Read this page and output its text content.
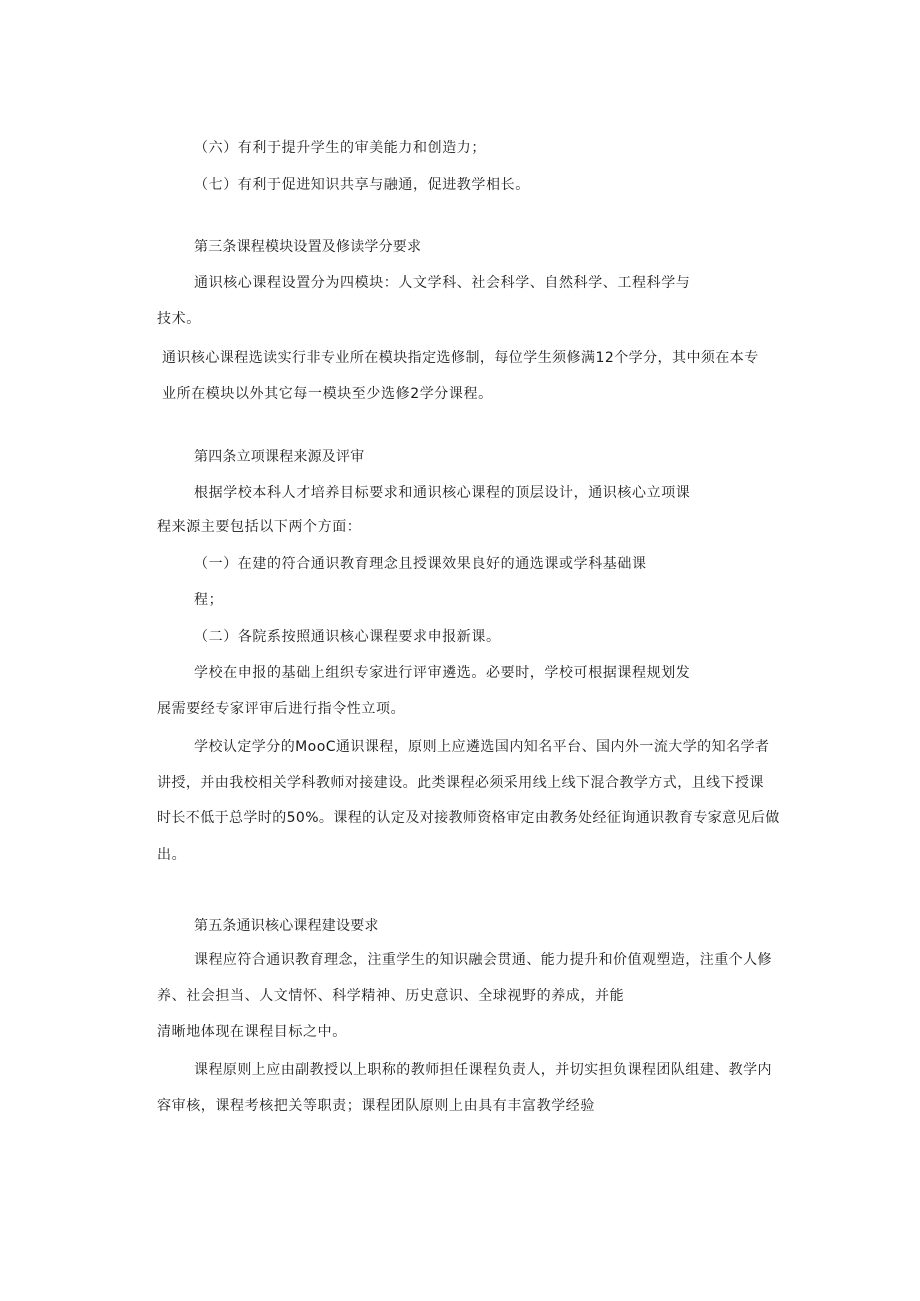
（六）有利于提升学生的审美能力和创造力；
（七）有利于促进知识共享与融通，促进教学相长。
第三条课程模块设置及修读学分要求
通识核心课程设置分为四模块：人文学科、社会科学、自然科学、工程科学与
技术。
通识核心课程选读实行非专业所在模块指定选修制，每位学生须修满12个学分，其中须在本专
业所在模块以外其它每一模块至少选修2学分课程。
第四条立项课程来源及评审
根据学校本科人才培养目标要求和通识核心课程的顶层设计，通识核心立项课
程来源主要包括以下两个方面：
（一）在建的符合通识教育理念且授课效果良好的通选课或学科基础课
程；
（二）各院系按照通识核心课程要求申报新课。
学校在申报的基础上组织专家进行评审遴选。必要时，学校可根据课程规划发
展需要经专家评审后进行指令性立项。
学校认定学分的MooC通识课程，原则上应遴选国内知名平台、国内外一流大学的知名学者
讲授，并由我校相关学科教师对接建设。此类课程必须采用线上线下混合教学方式，且线下授课
时长不低于总学时的50%。课程的认定及对接教师资格审定由教务处经征询通识教育专家意见后做
出。
第五条通识核心课程建设要求
课程应符合通识教育理念，注重学生的知识融会贯通、能力提升和价值观塑造，注重个人修
养、社会担当、人文情怀、科学精神、历史意识、全球视野的养成，并能
清晰地体现在课程目标之中。
课程原则上应由副教授以上职称的教师担任课程负责人，并切实担负课程团队组建、教学内
容审核，课程考核把关等职责；课程团队原则上由具有丰富教学经验
